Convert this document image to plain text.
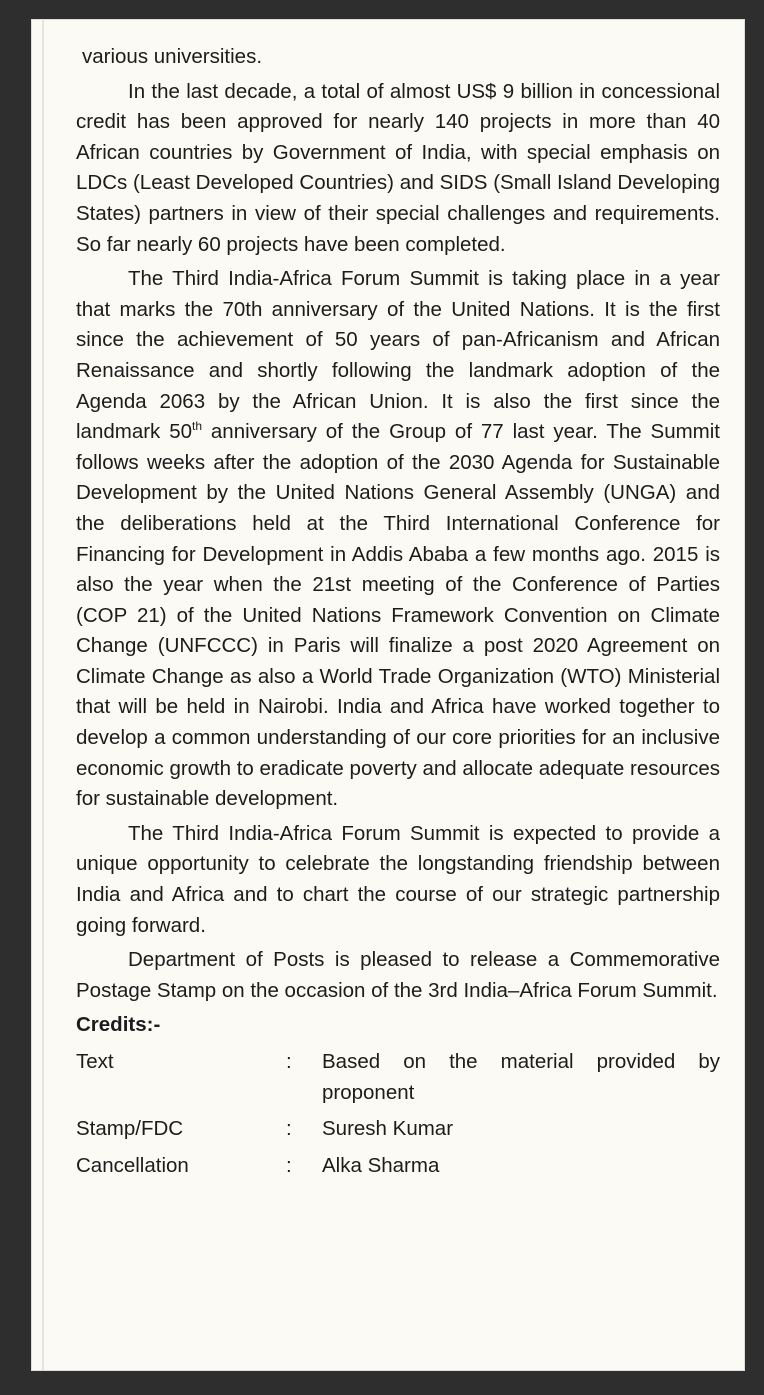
various universities.

In the last decade, a total of almost US$ 9 billion in concessional credit has been approved for nearly 140 projects in more than 40 African countries by Government of India, with special emphasis on LDCs (Least Developed Countries) and SIDS (Small Island Developing States) partners in view of their special challenges and requirements. So far nearly 60 projects have been completed.

The Third India-Africa Forum Summit is taking place in a year that marks the 70th anniversary of the United Nations. It is the first since the achievement of 50 years of pan-Africanism and African Renaissance and shortly following the landmark adoption of the Agenda 2063 by the African Union. It is also the first since the landmark 50th anniversary of the Group of 77 last year. The Summit follows weeks after the adoption of the 2030 Agenda for Sustainable Development by the United Nations General Assembly (UNGA) and the deliberations held at the Third International Conference for Financing for Development in Addis Ababa a few months ago. 2015 is also the year when the 21st meeting of the Conference of Parties (COP 21) of the United Nations Framework Convention on Climate Change (UNFCCC) in Paris will finalize a post 2020 Agreement on Climate Change as also a World Trade Organization (WTO) Ministerial that will be held in Nairobi. India and Africa have worked together to develop a common understanding of our core priorities for an inclusive economic growth to eradicate poverty and allocate adequate resources for sustainable development.

The Third India-Africa Forum Summit is expected to provide a unique opportunity to celebrate the longstanding friendship between India and Africa and to chart the course of our strategic partnership going forward.

Department of Posts is pleased to release a Commemorative Postage Stamp on the occasion of the 3rd India–Africa Forum Summit.

Credits:-
Text	:	Based on the material provided by proponent
Stamp/FDC	:	Suresh Kumar
Cancellation	:	Alka Sharma
